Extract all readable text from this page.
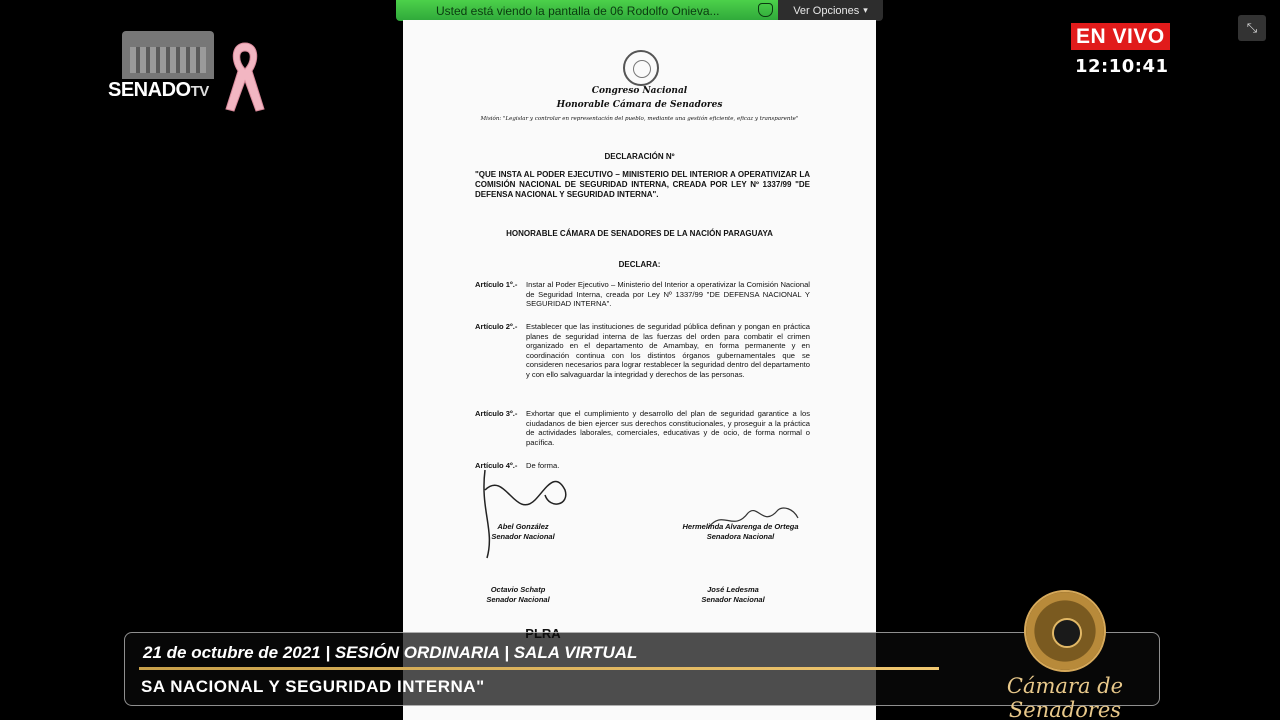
Usted está viendo la pantalla de 06 Rodolfo Onieva...	Ver Opciones ▾
SENADOTV
EN VIVO
12:10:41
⤡
Congreso Nacional
Honorable Cámara de Senadores
Misión: "Legislar y controlar en representación del pueblo, mediante una gestión eficiente, eficaz y transparente"
DECLARACIÓN Nº
"QUE INSTA AL PODER EJECUTIVO – MINISTERIO DEL INTERIOR A OPERATIVIZAR LA COMISIÓN NACIONAL DE SEGURIDAD INTERNA, CREADA POR LEY Nº 1337/99 "DE DEFENSA NACIONAL Y SEGURIDAD INTERNA".
HONORABLE CÁMARA DE SENADORES DE LA NACIÓN PARAGUAYA
DECLARA:
Artículo 1º.-	Instar al Poder Ejecutivo – Ministerio del Interior a operativizar la Comisión Nacional de Seguridad Interna, creada por Ley Nº 1337/99 "DE DEFENSA NACIONAL Y SEGURIDAD INTERNA".
Artículo 2º.-	Establecer que las instituciones de seguridad pública definan y pongan en práctica planes de seguridad interna de las fuerzas del orden para combatir el crimen organizado en el departamento de Amambay, en forma permanente y en coordinación continua con los distintos órganos gubernamentales que se consideren necesarios para lograr restablecer la seguridad dentro del departamento y con ello salvaguardar la integridad y derechos de las personas.
Artículo 3º.-	Exhortar que el cumplimiento y desarrollo del plan de seguridad garantice a los ciudadanos de bien ejercer sus derechos constitucionales, y proseguir a la práctica de actividades laborales, comerciales, educativas y de ocio, de forma normal o pacífica.
Artículo 4º.-	De forma.
Abel González
Senador Nacional
Hermelinda Alvarenga de Ortega
Senadora Nacional
Octavio Schatp
Senador Nacional
José Ledesma
Senador Nacional
21 de octubre de 2021 | SESIÓN ORDINARIA | SALA VIRTUAL
SA NACIONAL Y SEGURIDAD INTERNA"	Cámara de Senadores
